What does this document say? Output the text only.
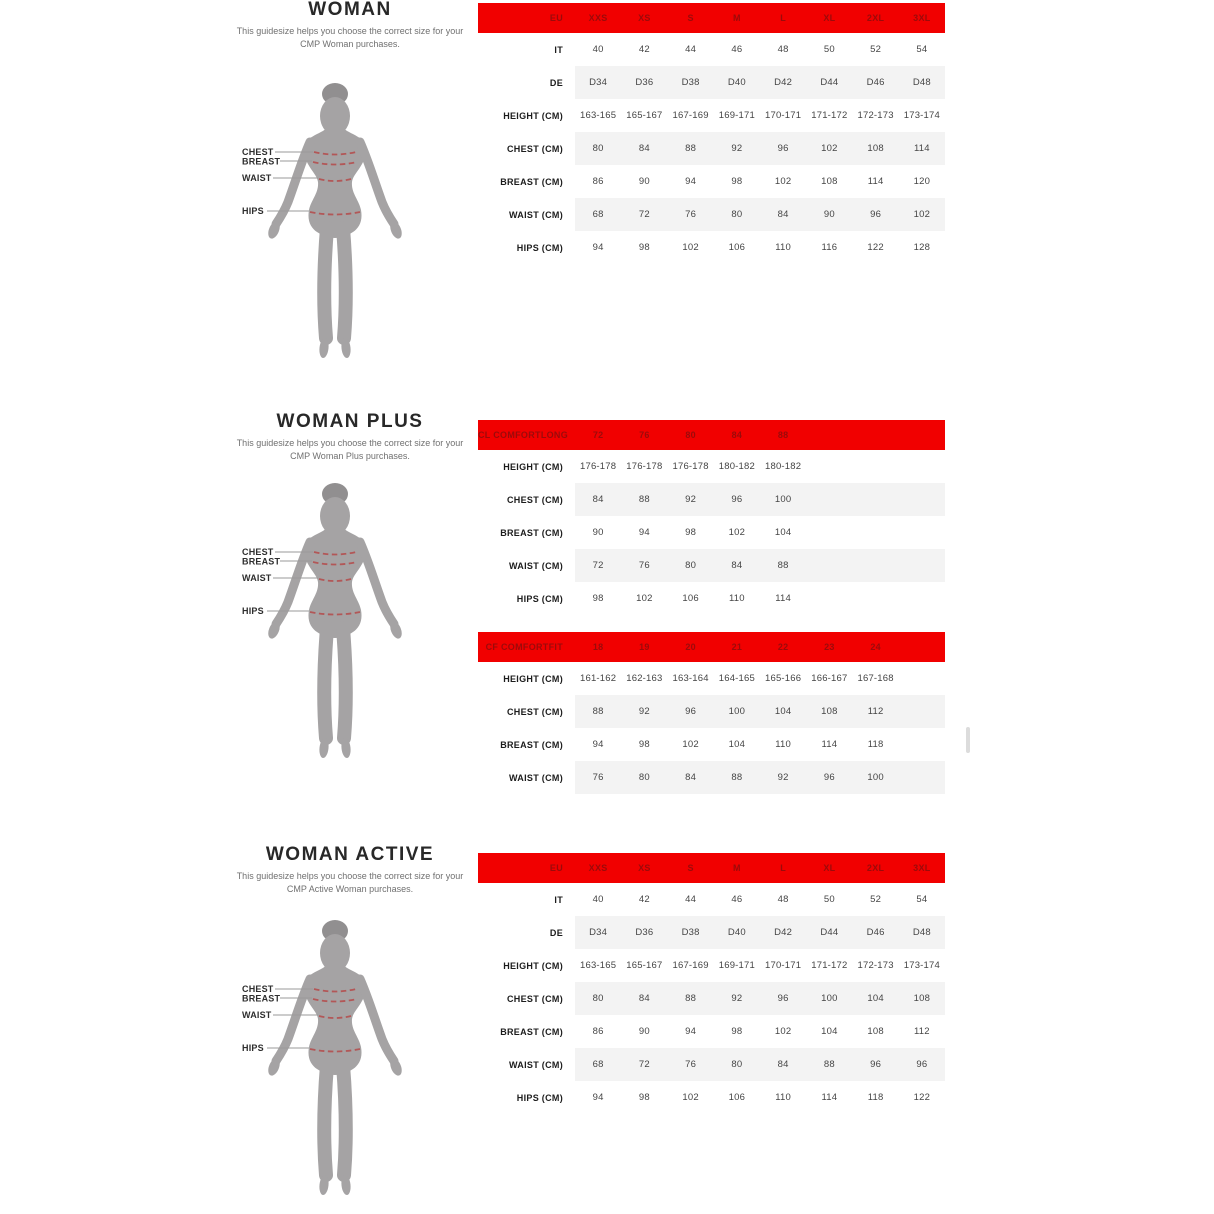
WOMAN
This guidesize helps you choose the correct size for your CMP Woman purchases.
CHEST
BREAST
WAIST
HIPS
EU	XXS	XS	S	M	L	XL	2XL	3XL
IT	40	42	44	46	48	50	52	54
DE	D34	D36	D38	D40	D42	D44	D46	D48
HEIGHT (CM)	163-165	165-167	167-169	169-171	170-171	171-172	172-173	173-174
CHEST (CM)	80	84	88	92	96	102	108	114
BREAST (CM)	86	90	94	98	102	108	114	120
WAIST (CM)	68	72	76	80	84	90	96	102
HIPS (CM)	94	98	102	106	110	116	122	128
WOMAN PLUS
This guidesize helps you choose the correct size for your CMP Woman Plus purchases.
CHEST
BREAST
WAIST
HIPS
CL COMFORTLONG	72	76	80	84	88
HEIGHT (CM)	176-178	176-178	176-178	180-182	180-182
CHEST (CM)	84	88	92	96	100
BREAST (CM)	90	94	98	102	104
WAIST (CM)	72	76	80	84	88
HIPS (CM)	98	102	106	110	114
CF COMFORTFIT	18	19	20	21	22	23	24
HEIGHT (CM)	161-162	162-163	163-164	164-165	165-166	166-167	167-168
CHEST (CM)	88	92	96	100	104	108	112
BREAST (CM)	94	98	102	104	110	114	118
WAIST (CM)	76	80	84	88	92	96	100
WOMAN ACTIVE
This guidesize helps you choose the correct size for your CMP Active Woman purchases.
CHEST
BREAST
WAIST
HIPS
EU	XXS	XS	S	M	L	XL	2XL	3XL
IT	40	42	44	46	48	50	52	54
DE	D34	D36	D38	D40	D42	D44	D46	D48
HEIGHT (CM)	163-165	165-167	167-169	169-171	170-171	171-172	172-173	173-174
CHEST (CM)	80	84	88	92	96	100	104	108
BREAST (CM)	86	90	94	98	102	104	108	112
WAIST (CM)	68	72	76	80	84	88	96	96
HIPS (CM)	94	98	102	106	110	114	118	122
